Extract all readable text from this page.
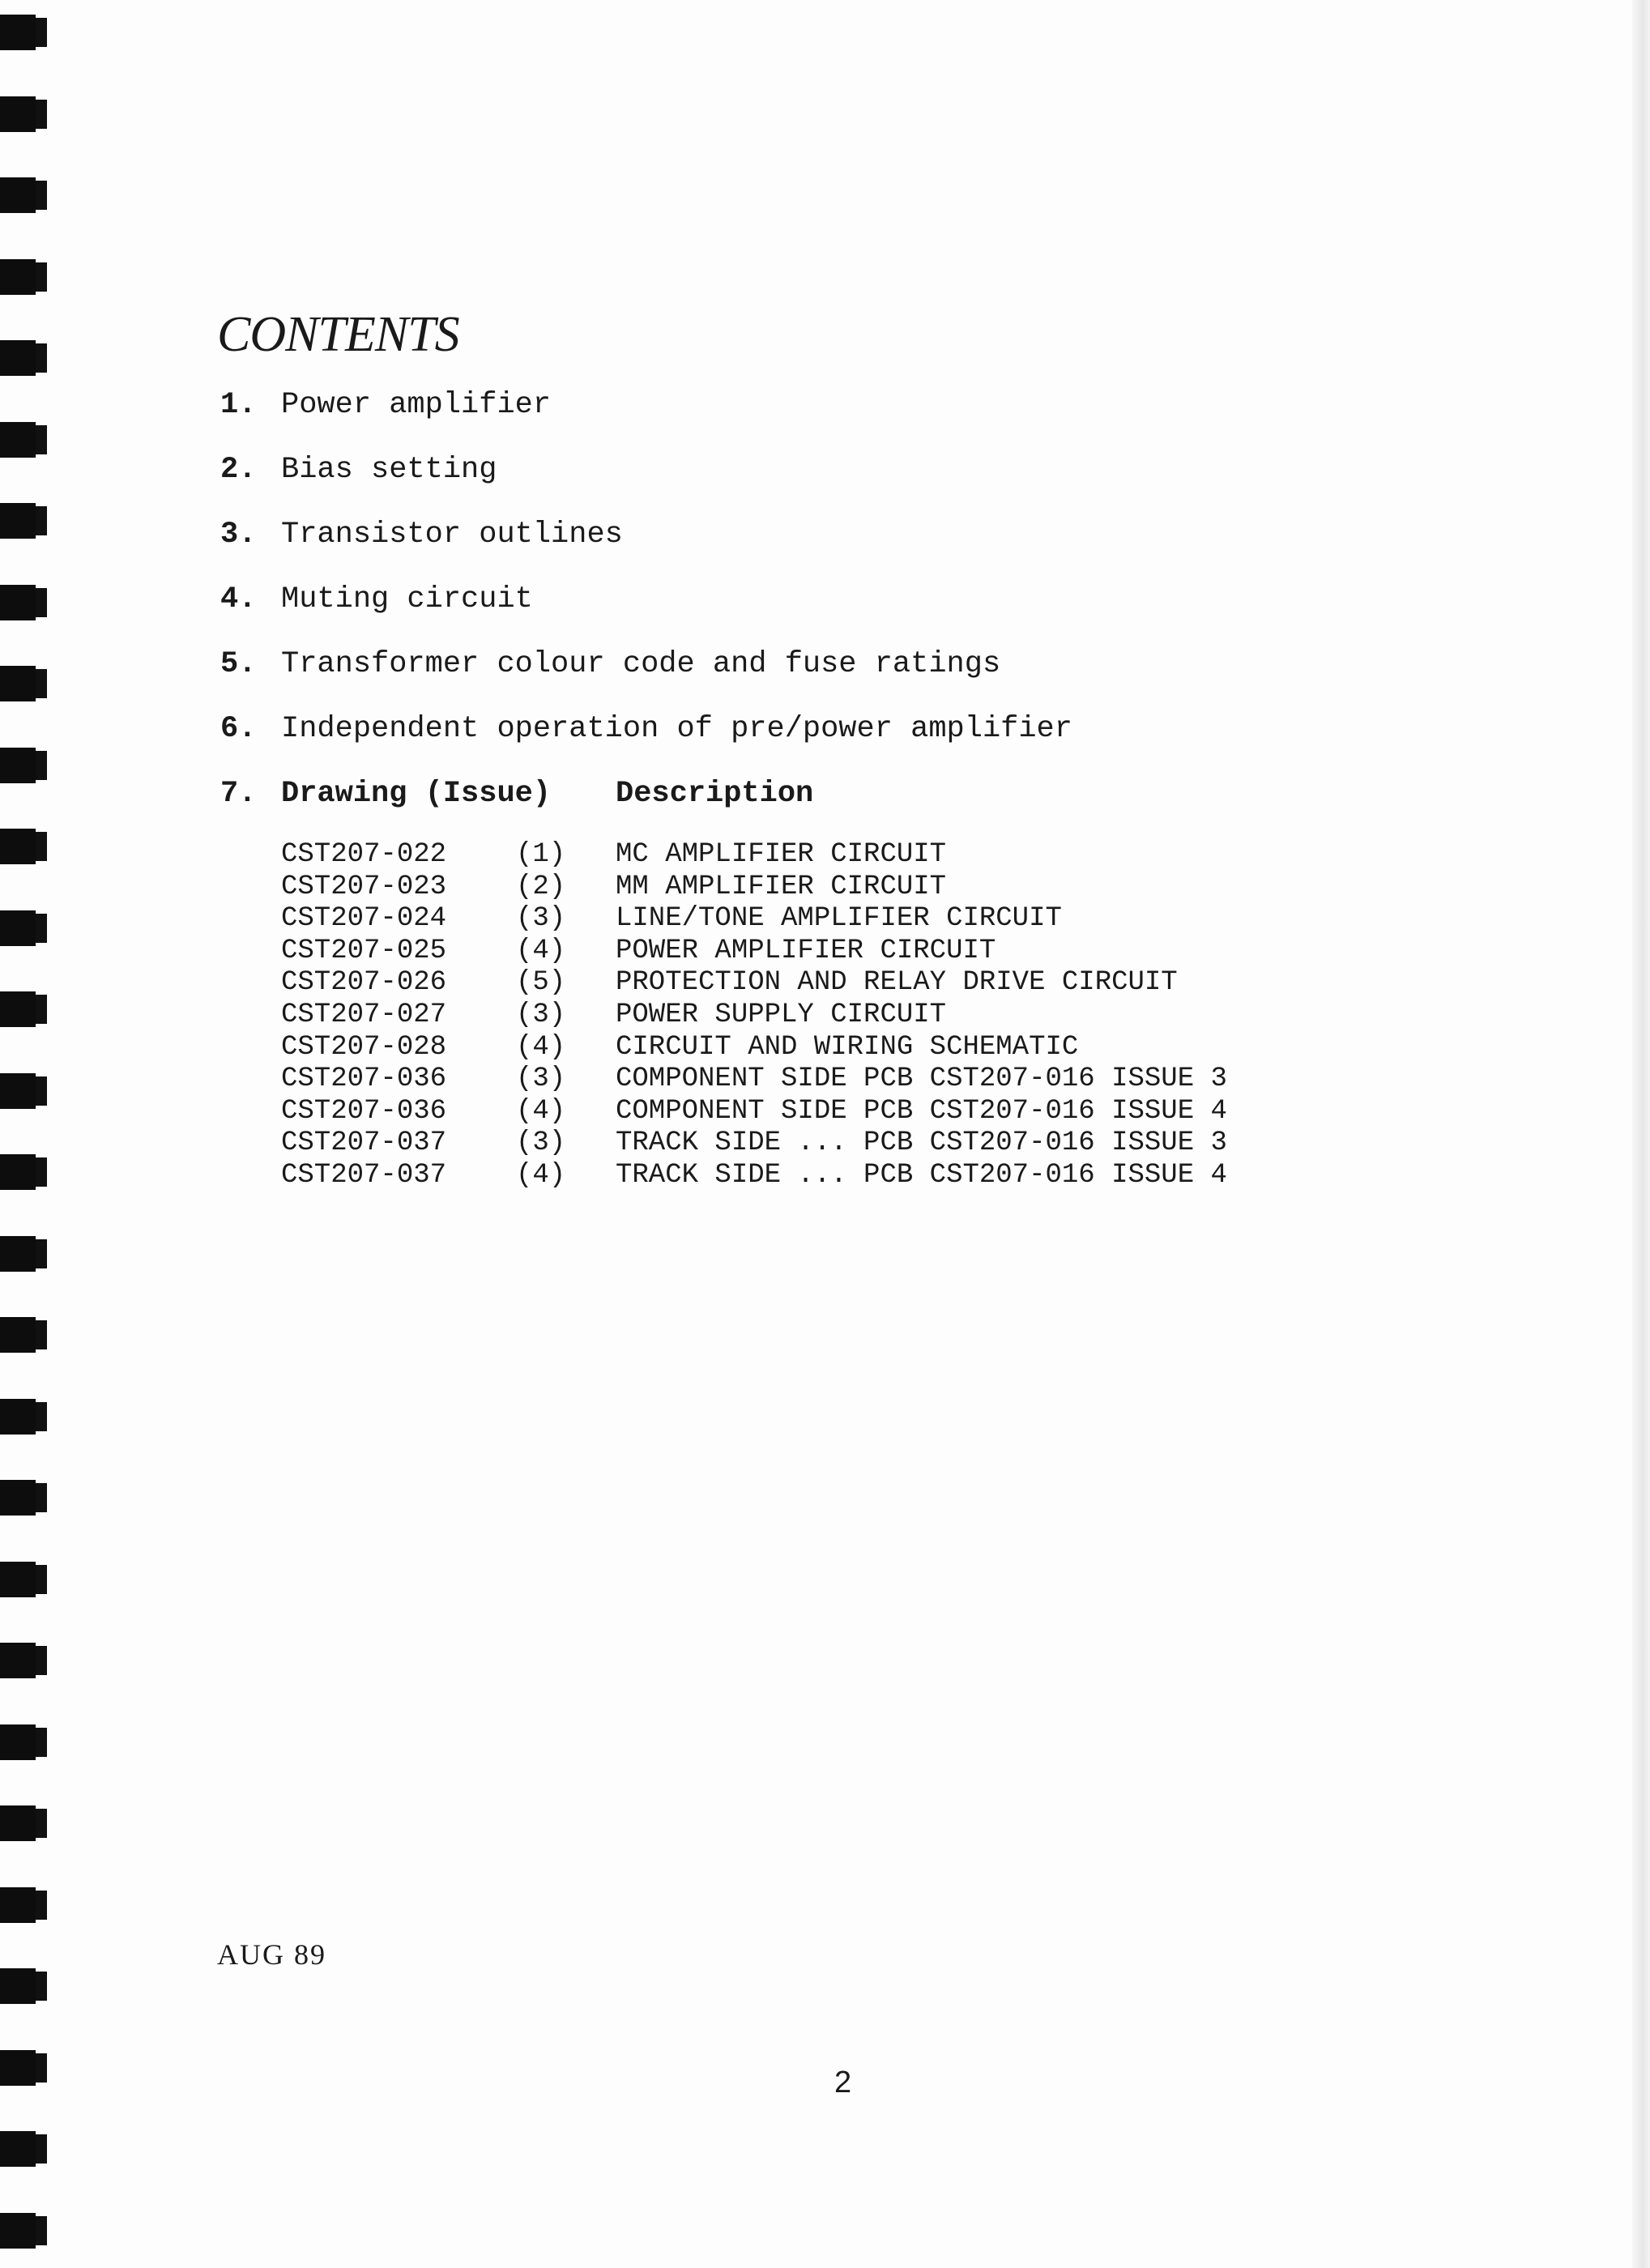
CONTENTS
1. Power amplifier
2. Bias setting
3. Transistor outlines
4. Muting circuit
5. Transformer colour code and fuse ratings
6. Independent operation of pre/power amplifier
7. Drawing (Issue) Description
CST207-022	(1) MC AMPLIFIER CIRCUIT
CST207-023	(2) MM AMPLIFIER CIRCUIT
CST207-024	(3) LINE/TONE AMPLIFIER CIRCUIT
CST207-025	(4) POWER AMPLIFIER CIRCUIT
CST207-026	(5) PROTECTION AND RELAY DRIVE CIRCUIT
CST207-027	(3) POWER SUPPLY CIRCUIT
CST207-028	(4) CIRCUIT AND WIRING SCHEMATIC
CST207-036	(3) COMPONENT SIDE PCB CST207-016 ISSUE 3
CST207-036	(4) COMPONENT SIDE PCB CST207-016 ISSUE 4
CST207-037	(3) TRACK SIDE ... PCB CST207-016 ISSUE 3
CST207-037	(4) TRACK SIDE ... PCB CST207-016 ISSUE 4
AUG 89
2
